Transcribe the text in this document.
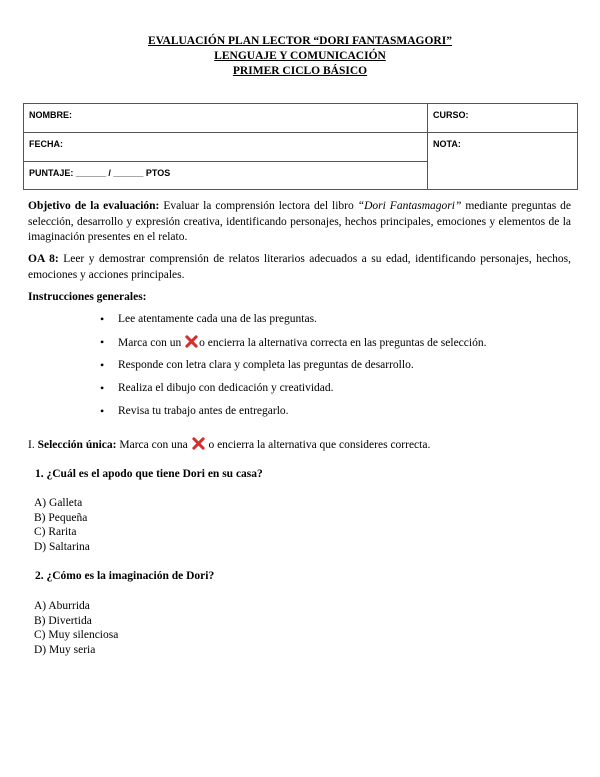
EVALUACIÓN PLAN LECTOR “DORI FANTASMAGORI”
LENGUAJE Y COMUNICACIÓN
PRIMER CICLO BÁSICO
NOMBRE:	CURSO:
FECHA:	NOTA:
PUNTAJE: ______ / ______ PTOS	
Objetivo de la evaluación: Evaluar la comprensión lectora del libro “Dori Fantasmagori” mediante preguntas de selección, desarrollo y expresión creativa, identificando personajes, hechos principales, emociones y elementos de la imaginación presentes en el relato.
OA 8: Leer y demostrar comprensión de relatos literarios adecuados a su edad, identificando personajes, hechos, emociones y acciones principales.
Instrucciones generales:
• Lee atentamente cada una de las preguntas.
• Marca con un o encierra la alternativa correcta en las preguntas de selección.
• Responde con letra clara y completa las preguntas de desarrollo.
• Realiza el dibujo con dedicación y creatividad.
• Revisa tu trabajo antes de entregarlo.
I. Selección única: Marca con una  o encierra la alternativa que consideres correcta.
1. ¿Cuál es el apodo que tiene Dori en su casa?
A) Galleta
B) Pequeña
C) Rarita
D) Saltarina
2. ¿Cómo es la imaginación de Dori?
A) Aburrida
B) Divertida
C) Muy silenciosa
D) Muy seria
